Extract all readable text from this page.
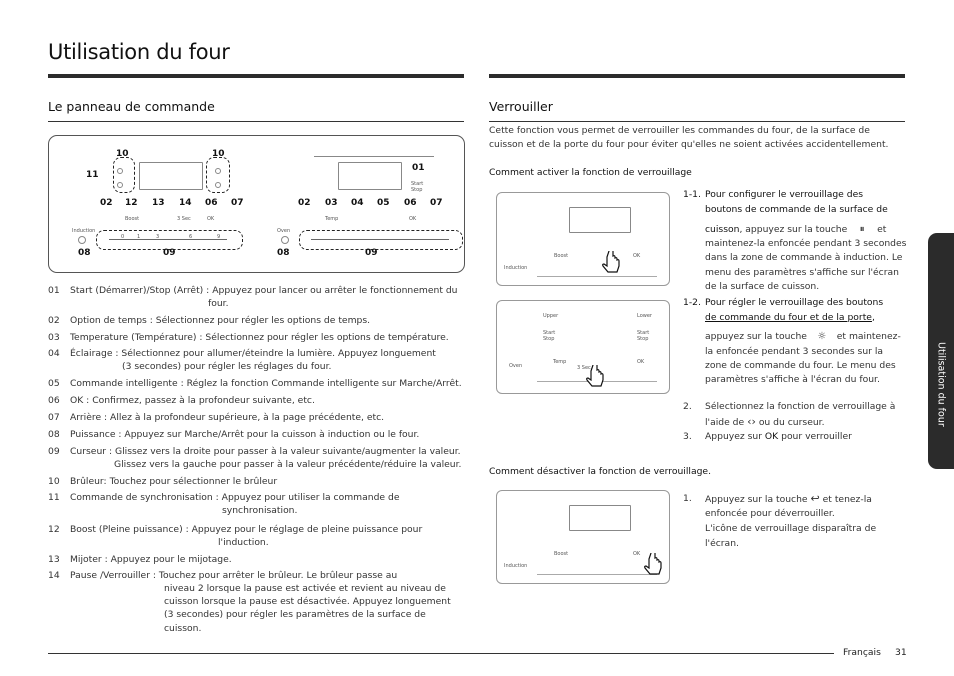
Utilisation du four
Le panneau de commande
Boost	OK	Temp
3 Sec	OK
Start
Stop
Induction	Oven
0	1	3	6	9
10	10
11
01
02 12 13 14 06 07	02 03 04 05 06 07
08	09	08	09
01 Start (Démarrer)/Stop (Arrêt) : Appuyez pour lancer ou arrêter le fonctionnement du
four.
02 Option de temps : Sélectionnez pour régler les options de temps.
03 Temperature (Température) : Sélectionnez pour régler les options de température.
04 Éclairage : Sélectionnez pour allumer/éteindre la lumière. Appuyez longuement
(3 secondes) pour régler les réglages du four.
05 Commande intelligente : Réglez la fonction Commande intelligente sur Marche/Arrêt.
06 OK : Confirmez, passez à la profondeur suivante, etc.
07 Arrière : Allez à la profondeur supérieure, à la page précédente, etc.
08 Puissance : Appuyez sur Marche/Arrêt pour la cuisson à induction ou le four.
09 Curseur : Glissez vers la droite pour passer à la valeur suivante/augmenter la valeur.
Glissez vers la gauche pour passer à la valeur précédente/réduire la valeur.
10 Brûleur: Touchez pour sélectionner le brûleur
11 Commande de synchronisation : Appuyez pour utiliser la commande de
synchronisation.
12 Boost (Pleine puissance) : Appuyez pour le réglage de pleine puissance pour
l'induction.
13 Mijoter : Appuyez pour le mijotage.
14 Pause /Verrouiller : Touchez pour arrêter le brûleur. Le brûleur passe au
niveau 2 lorsque la pause est activée et revient au niveau de
cuisson lorsque la pause est désactivée. Appuyez longuement
(3 secondes) pour régler les paramètres de la surface de cuisson.
Verrouiller
Cette fonction vous permet de verrouiller les commandes du four, de la surface de
cuisson et de la porte du four pour éviter qu'elles ne soient activées accidentellement.
Comment activer la fonction de verrouillage
Boost	OK
Induction
Upper	Lower
Start
Stop
Start
Stop
Temp
3 Sec
OK
Oven
1-1. Pour configurer le verrouillage des
boutons de commande de la surface de
cuisson, appuyez sur la touche ⏸ et
maintenez-la enfoncée pendant 3 secondes
dans la zone de commande à induction. Le
menu des paramètres s'affiche sur l'écran
de la surface de cuisson.
1-2. Pour régler le verrouillage des boutons
de commande du four et de la porte,
appuyez sur la touche ☼ et maintenez-
la enfoncée pendant 3 secondes sur la
zone de commande du four. Le menu des
paramètres s'affiche à l'écran du four.
2. Sélectionnez la fonction de verrouillage à
l'aide de ‹› ou du curseur.
3. Appuyez sur OK pour verrouiller
Comment désactiver la fonction de verrouillage.
Boost	OK
Induction
1. Appuyez sur la touche ↩ et tenez-la
enfoncée pour déverrouiller.
L'icône de verrouillage disparaîtra de
l'écran.
Utilisation du four
Français 31
